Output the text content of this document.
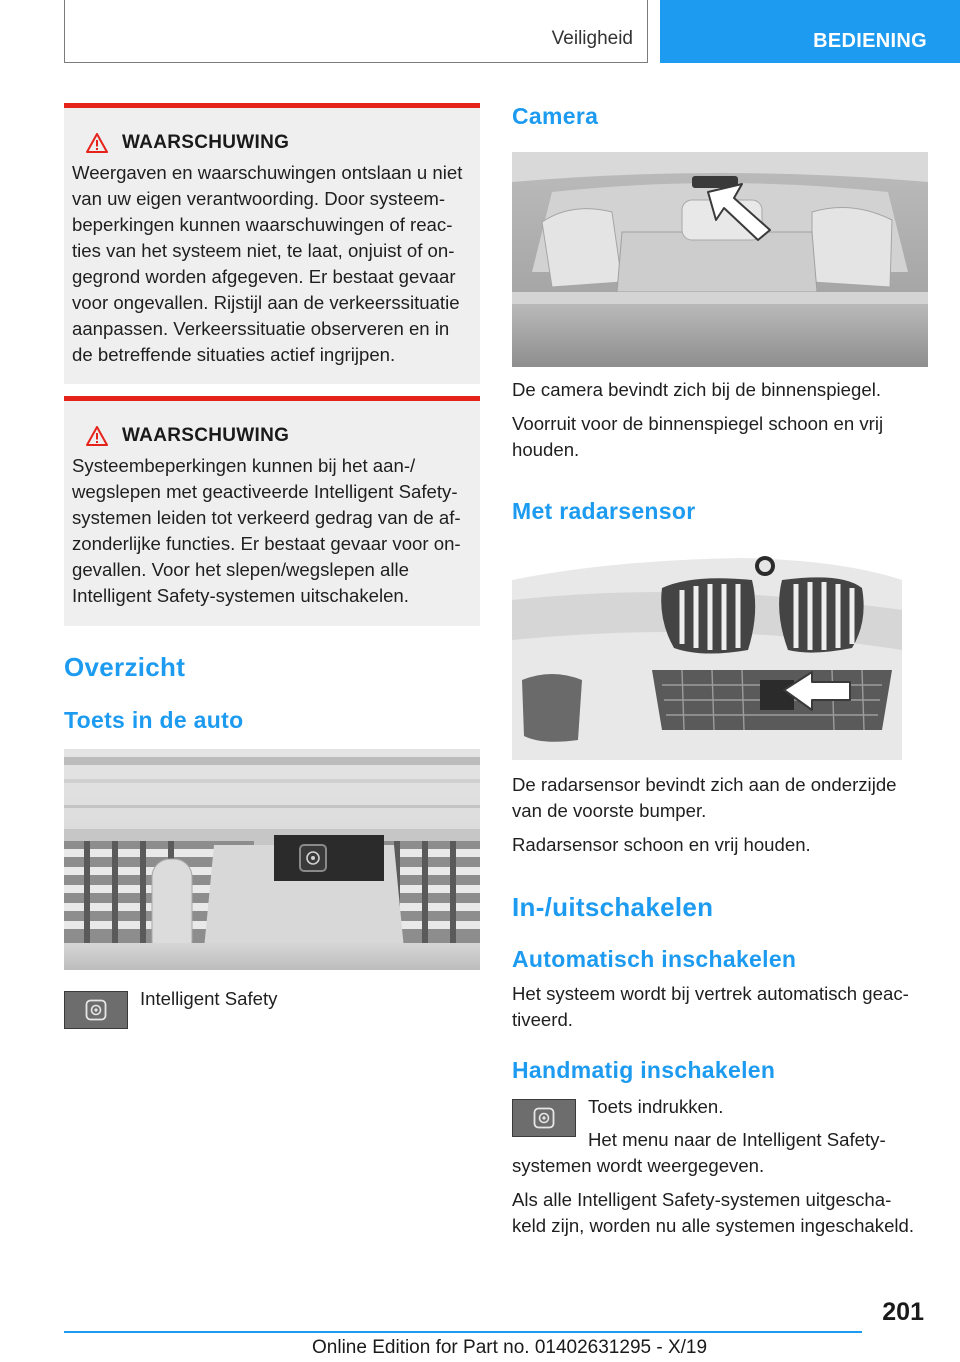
Veiligheid	BEDIENING
WAARSCHUWING
Weergaven en waarschuwingen ontslaan u niet
van uw eigen verantwoording. Door systeem‐
beperkingen kunnen waarschuwingen of reac‐
ties van het systeem niet, te laat, onjuist of on‐
gegrond worden afgegeven. Er bestaat gevaar
voor ongevallen. Rijstijl aan de verkeerssituatie
aanpassen. Verkeerssituatie observeren en in
de betreffende situaties actief ingrijpen.
WAARSCHUWING
Systeembeperkingen kunnen bij het aan-/
wegslepen met geactiveerde Intelligent Safety-
systemen leiden tot verkeerd gedrag van de af‐
zonderlijke functies. Er bestaat gevaar voor on‐
gevallen. Voor het slepen/wegslepen alle
Intelligent Safety-systemen uitschakelen.
Overzicht
Toets in de auto
Intelligent Safety
Camera
De camera bevindt zich bij de binnenspiegel.
Voorruit voor de binnenspiegel schoon en vrij
houden.
Met radarsensor
De radarsensor bevindt zich aan de onderzijde
van de voorste bumper.
Radarsensor schoon en vrij houden.
In-/uitschakelen
Automatisch inschakelen
Het systeem wordt bij vertrek automatisch geac‐
tiveerd.
Handmatig inschakelen
Toets indrukken.
Het menu naar de Intelligent Safety-
systemen wordt weergegeven.
Als alle Intelligent Safety-systemen uitgescha‐
keld zijn, worden nu alle systemen ingeschakeld.
201
Online Edition for Part no. 01402631295 - X/19
